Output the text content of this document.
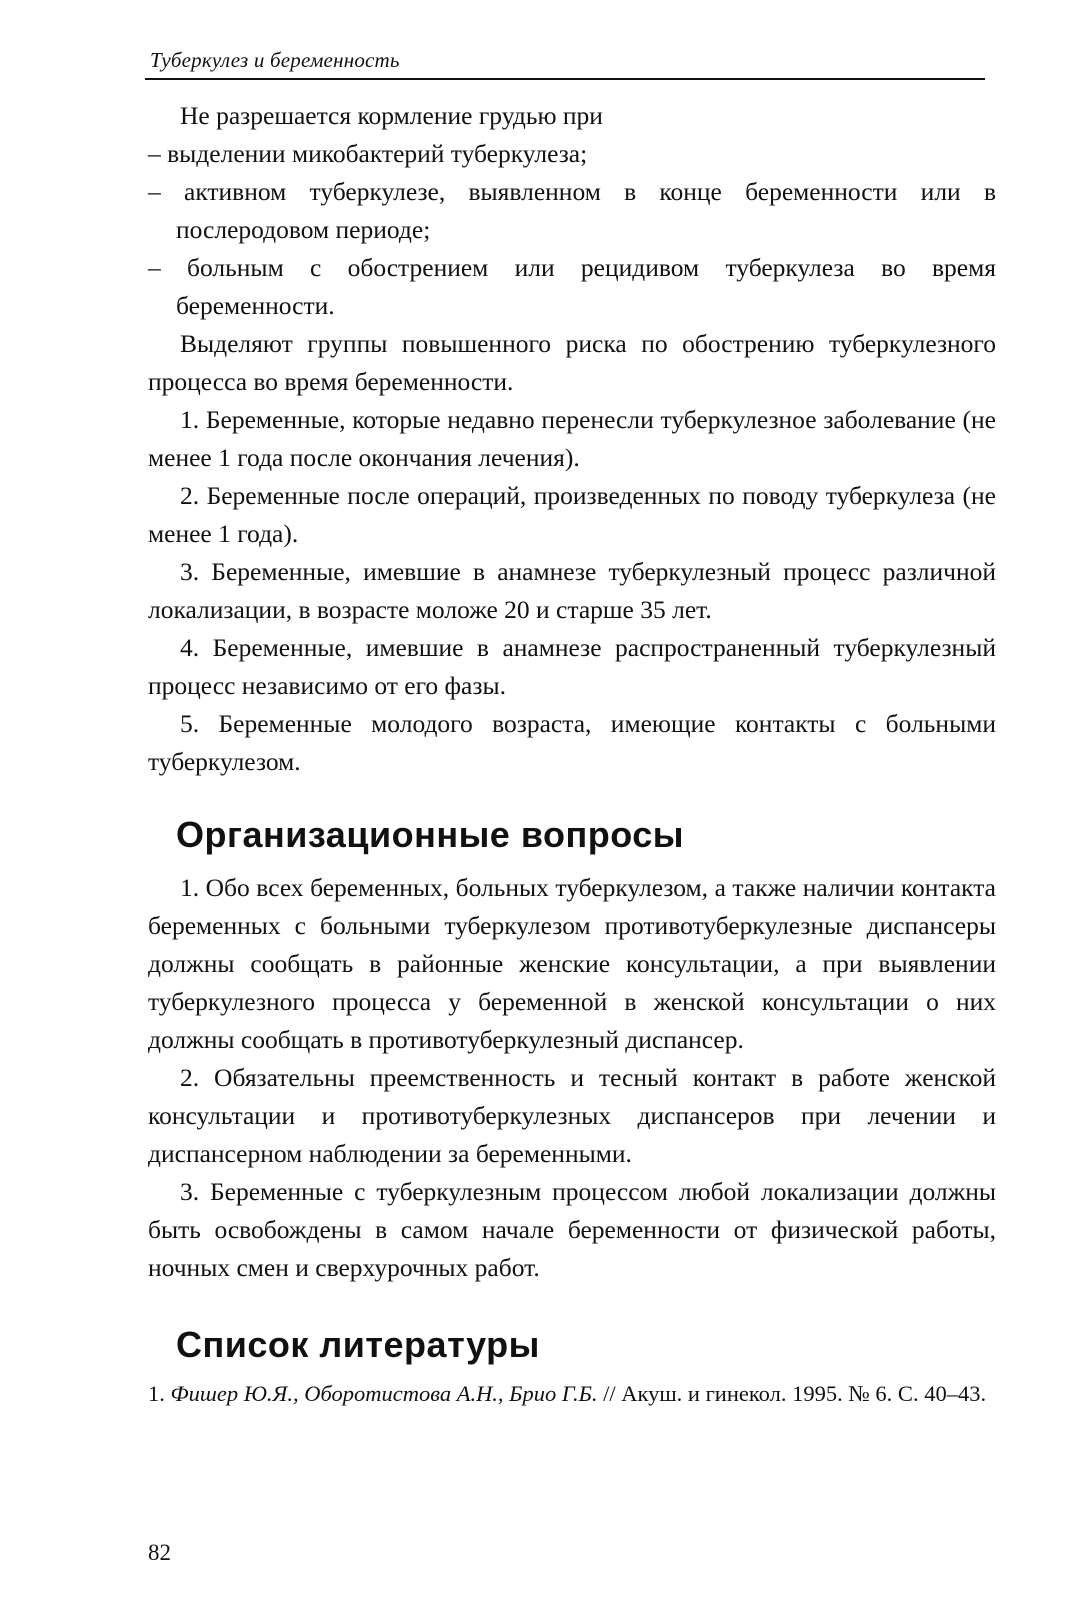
Туберкулез и беременность

Не разрешается кормление грудью при

– выделении микобактерий туберкулеза;

– активном туберкулезе, выявленном в конце беременности или в послеродовом периоде;

– больным с обострением или рецидивом туберкулеза во время беременности.

Выделяют группы повышенного риска по обострению туберкулезного процесса во время беременности.

1. Беременные, которые недавно перенесли туберкулезное заболевание (не менее 1 года после окончания лечения).

2. Беременные после операций, произведенных по поводу туберкулеза (не менее 1 года).

3. Беременные, имевшие в анамнезе туберкулезный процесс различной локализации, в возрасте моложе 20 и старше 35 лет.

4. Беременные, имевшие в анамнезе распространенный туберкулезный процесс независимо от его фазы.

5. Беременные молодого возраста, имеющие контакты с больными туберкулезом.

Организационные вопросы

1. Обо всех беременных, больных туберкулезом, а также наличии контакта беременных с больными туберкулезом противотуберкулезные диспансеры должны сообщать в районные женские консультации, а при выявлении туберкулезного процесса у беременной в женской консультации о них должны сообщать в противотуберкулезный диспансер.

2. Обязательны преемственность и тесный контакт в работе женской консультации и противотуберкулезных диспансеров при лечении и диспансерном наблюдении за беременными.

3. Беременные с туберкулезным процессом любой локализации должны быть освобождены в самом начале беременности от физической работы, ночных смен и сверхурочных работ.

Список литературы

1. Фишер Ю.Я., Оборотистова А.Н., Брио Г.Б. // Акуш. и гинекол. 1995. № 6. С. 40–43.

82
